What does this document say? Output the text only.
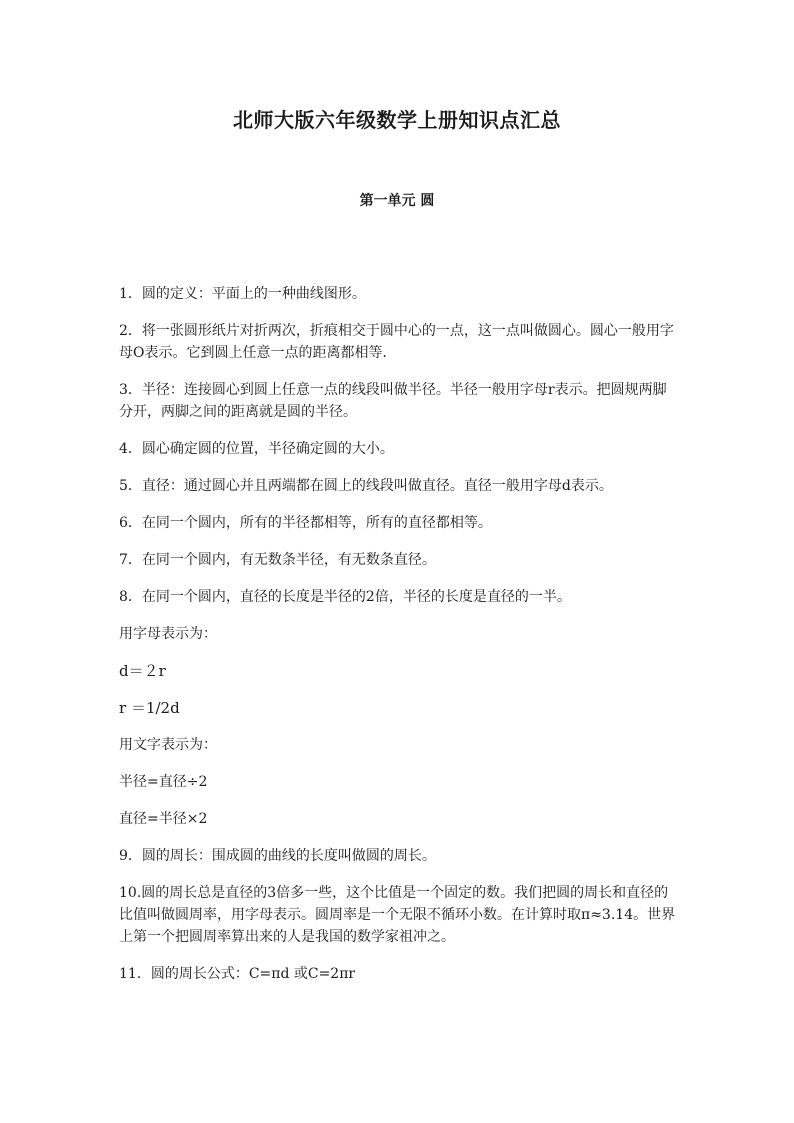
北师大版六年级数学上册知识点汇总
第一单元 圆

1．圆的定义：平面上的一种曲线图形。

2．将一张圆形纸片对折两次，折痕相交于圆中心的一点，这一点叫做圆心。圆心一般用字母O表示。它到圆上任意一点的距离都相等．

3．半径：连接圆心到圆上任意一点的线段叫做半径。半径一般用字母r表示。把圆规两脚分开，两脚之间的距离就是圆的半径。

4．圆心确定圆的位置，半径确定圆的大小。

5．直径：通过圆心并且两端都在圆上的线段叫做直径。直径一般用字母d表示。

6．在同一个圆内，所有的半径都相等，所有的直径都相等。

7．在同一个圆内，有无数条半径，有无数条直径。

8．在同一个圆内，直径的长度是半径的2倍，半径的长度是直径的一半。

用字母表示为：

d＝２r

r ＝1/2d

用文字表示为：

半径=直径÷2

直径=半径×2

9．圆的周长：围成圆的曲线的长度叫做圆的周长。

10.圆的周长总是直径的3倍多一些，这个比值是一个固定的数。我们把圆的周长和直径的比值叫做圆周率，用字母表示。圆周率是一个无限不循环小数。在计算时取π≈3.14。世界上第一个把圆周率算出来的人是我国的数学家祖冲之。

11．圆的周长公式：C=πd 或C=2πr
